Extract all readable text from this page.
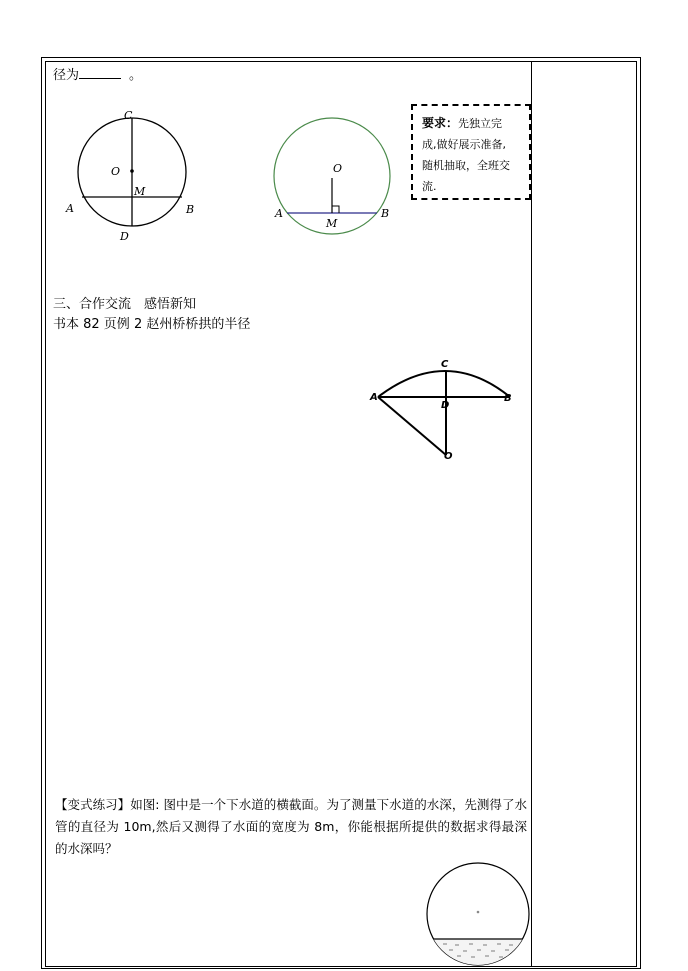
径为	。
C
O
M
A	B
D
O
A
M
B
要求：先独立完
成,做好展示准备,
随机抽取，全班交
流.
三、合作交流　感悟新知
书本 82 页例 2 赵州桥桥拱的半径
C
A
D
B
O
【变式练习】如图: 图中是一个下水道的横截面。为了测量下水道的水深，先测得了水管的直径为 10m,然后又测得了水面的宽度为 8m，你能根据所提供的数据求得最深的水深吗？
